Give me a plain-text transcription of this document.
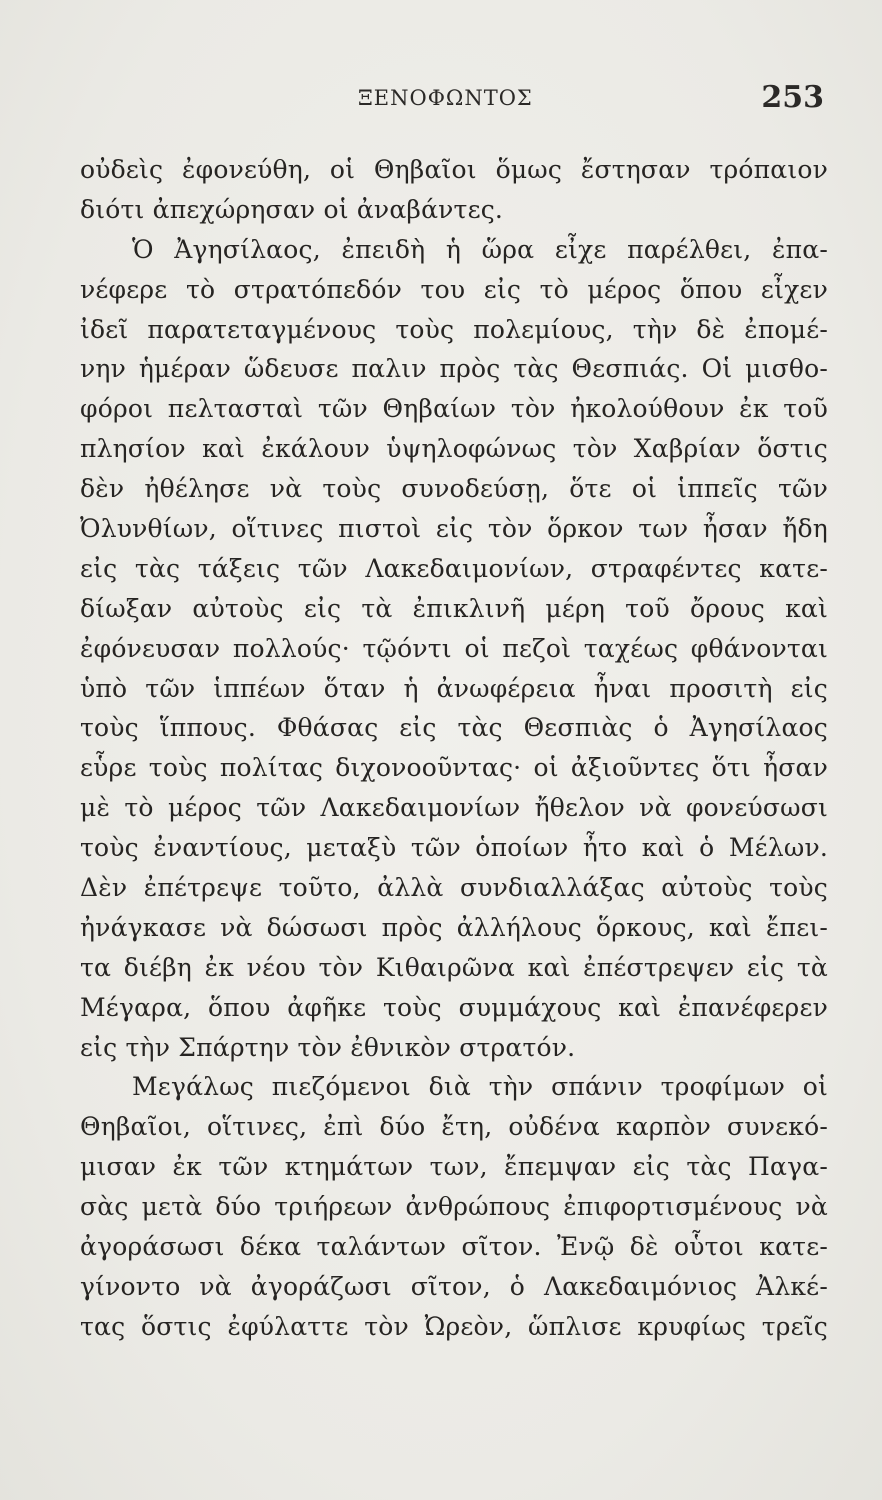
ΞΕΝΟΦΩΝΤΟΣ	253
οὐδεὶς ἐφονεύθη, οἱ Θηβαῖοι ὅμως ἔστησαν τρόπαιον
διότι ἀπεχώρησαν οἱ ἀναβάντες.
Ὁ Ἀγησίλαος, ἐπειδὴ ἡ ὥρα εἶχε παρέλθει, ἐπα-
νέφερε τὸ στρατόπεδόν του εἰς τὸ μέρος ὅπου εἶχεν
ἰδεῖ παρατεταγμένους τοὺς πολεμίους, τὴν δὲ ἐπομέ-
νην ἡμέραν ὥδευσε παλιν πρὸς τὰς Θεσπιάς. Οἱ μισθο-
φόροι πελτασταὶ τῶν Θηβαίων τὸν ἠκολούθουν ἐκ τοῦ
πλησίον καὶ ἐκάλουν ὑψηλοφώνως τὸν Χαβρίαν ὅστις
δὲν ἠθέλησε νὰ τοὺς συνοδεύσῃ, ὅτε οἱ ἱππεῖς τῶν
Ὀλυνθίων, οἵτινες πιστοὶ εἰς τὸν ὅρκον των ἦσαν ἤδη
εἰς τὰς τάξεις τῶν Λακεδαιμονίων, στραφέντες κατε-
δίωξαν αὐτοὺς εἰς τὰ ἐπικλινῆ μέρη τοῦ ὄρους καὶ
ἐφόνευσαν πολλούς· τῷόντι οἱ πεζοὶ ταχέως φθάνονται
ὑπὸ τῶν ἱππέων ὅταν ἡ ἀνωφέρεια ἦναι προσιτὴ εἰς
τοὺς ἵππους. Φθάσας εἰς τὰς Θεσπιὰς ὁ Ἀγησίλαος
εὗρε τοὺς πολίτας διχονοοῦντας· οἱ ἀξιοῦντες ὅτι ἦσαν
μὲ τὸ μέρος τῶν Λακεδαιμονίων ἤθελον νὰ φονεύσωσι
τοὺς ἐναντίους, μεταξὺ τῶν ὁποίων ἦτο καὶ ὁ Μέλων.
Δὲν ἐπέτρεψε τοῦτο, ἀλλὰ συνδιαλλάξας αὐτοὺς τοὺς
ἠνάγκασε νὰ δώσωσι πρὸς ἀλλήλους ὅρκους, καὶ ἔπει-
τα διέβη ἐκ νέου τὸν Κιθαιρῶνα καὶ ἐπέστρεψεν εἰς τὰ
Μέγαρα, ὅπου ἀφῆκε τοὺς συμμάχους καὶ ἐπανέφερεν
εἰς τὴν Σπάρτην τὸν ἐθνικὸν στρατόν.
Μεγάλως πιεζόμενοι διὰ τὴν σπάνιν τροφίμων οἱ
Θηβαῖοι, οἵτινες, ἐπὶ δύο ἔτη, οὐδένα καρπὸν συνεκό-
μισαν ἐκ τῶν κτημάτων των, ἔπεμψαν εἰς τὰς Παγα-
σὰς μετὰ δύο τριήρεων ἀνθρώπους ἐπιφορτισμένους νὰ
ἀγοράσωσι δέκα ταλάντων σῖτον. Ἐνῷ δὲ οὗτοι κατε-
γίνοντο νὰ ἀγοράζωσι σῖτον, ὁ Λακεδαιμόνιος Ἀλκέ-
τας ὅστις ἐφύλαττε τὸν Ὠρεὸν, ὥπλισε κρυφίως τρεῖς
